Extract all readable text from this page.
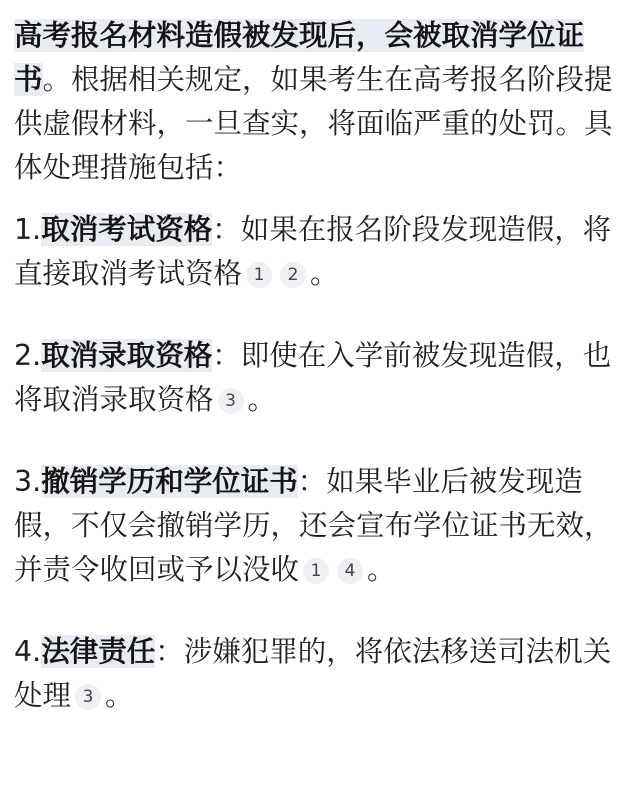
高考报名材料造假被发现后，会被取消学位证书。根据相关规定，如果考生在高考报名阶段提供虚假材料，一旦查实，将面临严重的处罚。具体处理措施包括：

1.取消考试资格：如果在报名阶段发现造假，将直接取消考试资格 1 2 。

2.取消录取资格：即使在入学前被发现造假，也将取消录取资格 3 。

3.撤销学历和学位证书：如果毕业后被发现造假，不仅会撤销学历，还会宣布学位证书无效，并责令收回或予以没收 1 4 。

4.法律责任：涉嫌犯罪的，将依法移送司法机关处理 3 。
